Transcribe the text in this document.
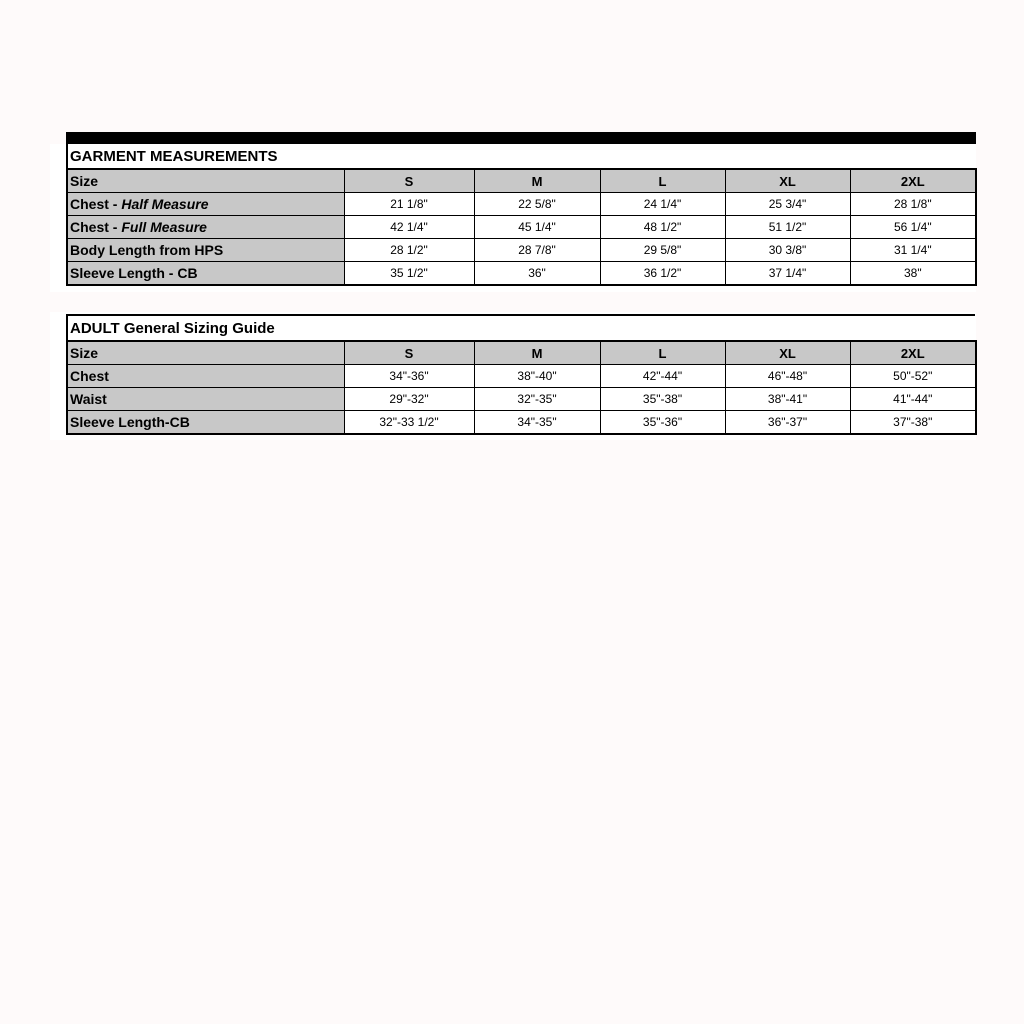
GARMENT MEASUREMENTS					
Size	S	M	L	XL	2XL
Chest - Half Measure	21 1/8"	22 5/8"	24 1/4"	25 3/4"	28 1/8"
Chest - Full Measure	42 1/4"	45 1/4"	48 1/2"	51 1/2"	56 1/4"
Body Length from HPS	28 1/2"	28 7/8"	29 5/8"	30 3/8"	31 1/4"
Sleeve Length - CB	35 1/2"	36"	36 1/2"	37 1/4"	38"
ADULT General Sizing Guide					
Size	S	M	L	XL	2XL
Chest	34"-36"	38"-40"	42"-44"	46"-48"	50"-52"
Waist	29"-32"	32"-35"	35"-38"	38"-41"	41"-44"
Sleeve Length-CB	32"-33 1/2"	34"-35"	35"-36"	36"-37"	37"-38"
